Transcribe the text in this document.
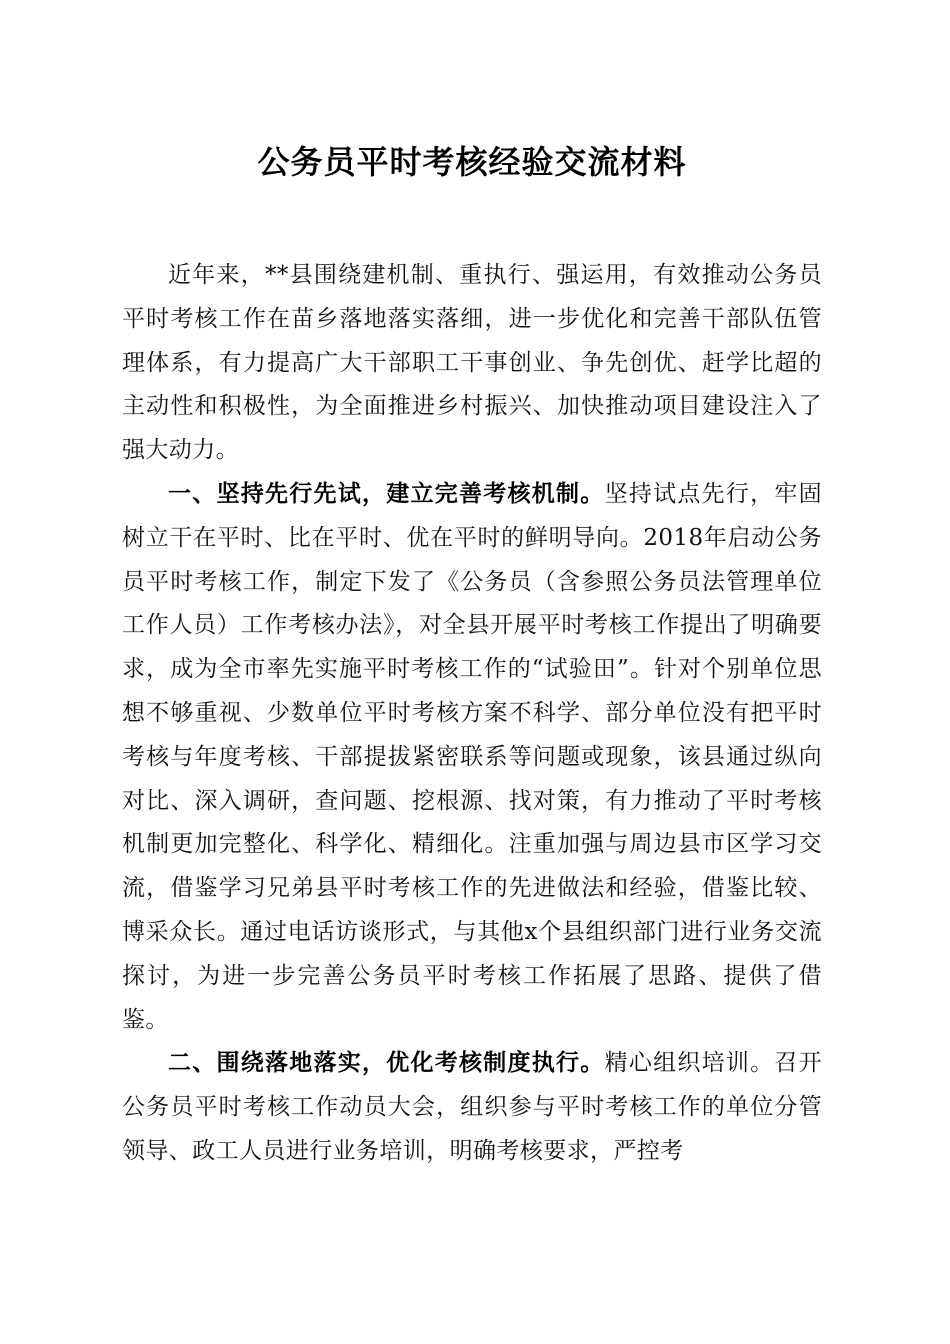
公务员平时考核经验交流材料

近年来，**县围绕建机制、重执行、强运用，有效推动公务员平时考核工作在苗乡落地落实落细，进一步优化和完善干部队伍管理体系，有力提高广大干部职工干事创业、争先创优、赶学比超的主动性和积极性，为全面推进乡村振兴、加快推动项目建设注入了强大动力。

一、坚持先行先试，建立完善考核机制。坚持试点先行，牢固树立干在平时、比在平时、优在平时的鲜明导向。2018年启动公务员平时考核工作，制定下发了《公务员（含参照公务员法管理单位工作人员）工作考核办法》，对全县开展平时考核工作提出了明确要求，成为全市率先实施平时考核工作的“试验田”。针对个别单位思想不够重视、少数单位平时考核方案不科学、部分单位没有把平时考核与年度考核、干部提拔紧密联系等问题或现象，该县通过纵向对比、深入调研，查问题、挖根源、找对策，有力推动了平时考核机制更加完整化、科学化、精细化。注重加强与周边县市区学习交流，借鉴学习兄弟县平时考核工作的先进做法和经验，借鉴比较、博采众长。通过电话访谈形式，与其他x个县组织部门进行业务交流探讨，为进一步完善公务员平时考核工作拓展了思路、提供了借鉴。

二、围绕落地落实，优化考核制度执行。精心组织培训。召开公务员平时考核工作动员大会，组织参与平时考核工作的单位分管领导、政工人员进行业务培训，明确考核要求，严控考
